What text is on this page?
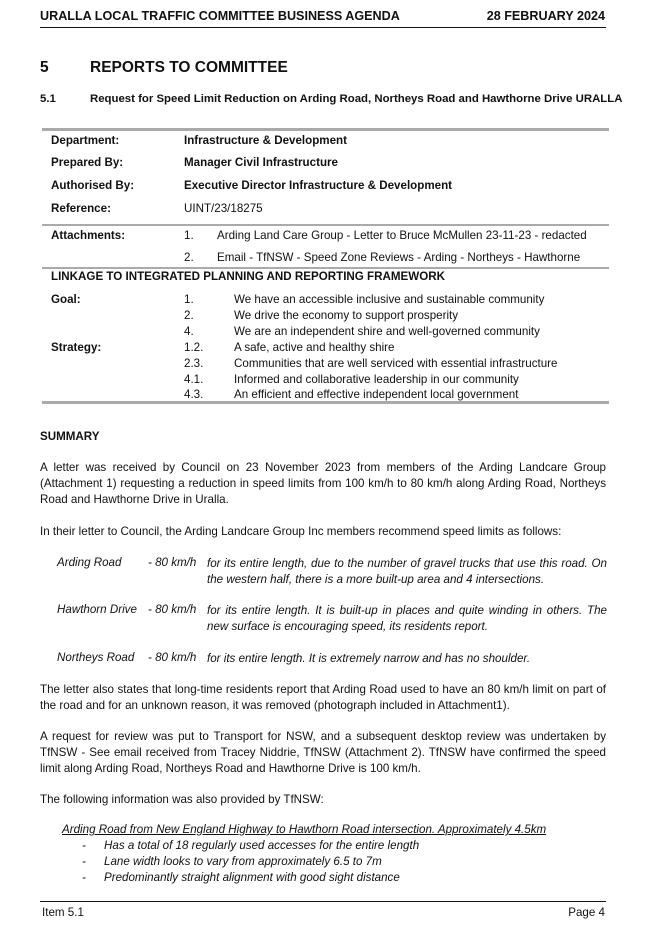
URALLA LOCAL TRAFFIC COMMITTEE BUSINESS AGENDA	28 FEBRUARY 2024
5	REPORTS TO COMMITTEE
5.1	Request for Speed Limit Reduction on Arding Road, Northeys Road and Hawthorne Drive URALLA
Department:	Infrastructure & Development
Prepared By:	Manager Civil Infrastructure
Authorised By:	Executive Director Infrastructure & Development
Reference:	UINT/23/18275
Attachments:	1. Arding Land Care Group - Letter to Bruce McMullen 23-11-23 - redacted
2. Email - TfNSW - Speed Zone Reviews - Arding - Northeys - Hawthorne
LINKAGE TO INTEGRATED PLANNING AND REPORTING FRAMEWORK
Goal:	1.	We have an accessible inclusive and sustainable community
2.	We drive the economy to support prosperity
4.	We are an independent shire and well-governed community
Strategy:	1.2.	A safe, active and healthy shire
2.3.	Communities that are well serviced with essential infrastructure
4.1.	Informed and collaborative leadership in our community
4.3.	An efficient and effective independent local government
SUMMARY
A letter was received by Council on 23 November 2023 from members of the Arding Landcare Group (Attachment 1) requesting a reduction in speed limits from 100 km/h to 80 km/h along Arding Road, Northeys Road and Hawthorne Drive in Uralla.
In their letter to Council, the Arding Landcare Group Inc members recommend speed limits as follows:
Arding Road - 80 km/h for its entire length, due to the number of gravel trucks that use this road. On the western half, there is a more built-up area and 4 intersections.
Hawthorn Drive - 80 km/h for its entire length. It is built-up in places and quite winding in others. The new surface is encouraging speed, its residents report.
Northeys Road - 80 km/h for its entire length. It is extremely narrow and has no shoulder.
The letter also states that long-time residents report that Arding Road used to have an 80 km/h limit on part of the road and for an unknown reason, it was removed (photograph included in Attachment1).
A request for review was put to Transport for NSW, and a subsequent desktop review was undertaken by TfNSW - See email received from Tracey Niddrie, TfNSW (Attachment 2). TfNSW have confirmed the speed limit along Arding Road, Northeys Road and Hawthorne Drive is 100 km/h.
The following information was also provided by TfNSW:
Arding Road from New England Highway to Hawthorn Road intersection. Approximately 4.5km
- Has a total of 18 regularly used accesses for the entire length
- Lane width looks to vary from approximately 6.5 to 7m
- Predominantly straight alignment with good sight distance
Item 5.1	Page 4
